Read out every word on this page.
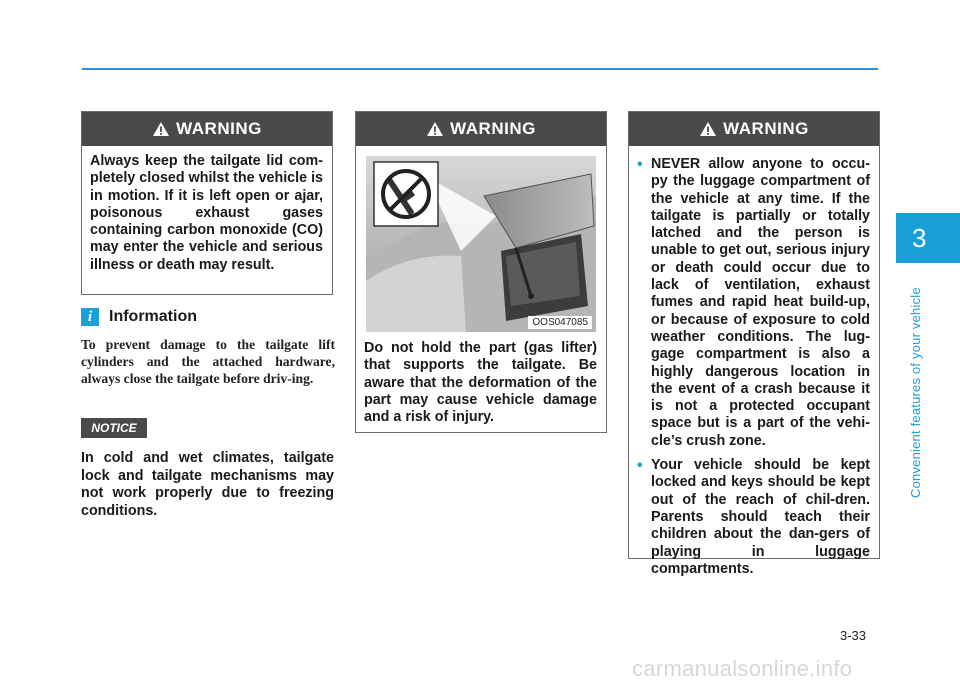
3
Convenient features of your vehicle
WARNING
Always keep the tailgate lid com-pletely closed whilst the vehicle is in motion. If it is left open or ajar, poisonous exhaust gases containing carbon monoxide (CO) may enter the vehicle and serious illness or death may result.
i	Information
To prevent damage to the tailgate lift cylinders and the attached hardware, always close the tailgate before driv-ing.
NOTICE
In cold and wet climates, tailgate lock and tailgate mechanisms may not work properly due to freezing conditions.
WARNING
OOS047085
Do not hold the part (gas lifter) that supports the tailgate. Be aware that the deformation of the part may cause vehicle damage and a risk of injury.
WARNING
• NEVER allow anyone to occu-py the luggage compartment of the vehicle at any time. If the tailgate is partially or totally latched and the person is unable to get out, serious injury or death could occur due to lack of ventilation, exhaust fumes and rapid heat build-up, or because of exposure to cold weather conditions. The lug-gage compartment is also a highly dangerous location in the event of a crash because it is not a protected occupant space but is a part of the vehi-cle’s crush zone.
• Your vehicle should be kept locked and keys should be kept out of the reach of chil-dren. Parents should teach their children about the dan-gers of playing in luggage compartments.
3-33
carmanualsonline.info
